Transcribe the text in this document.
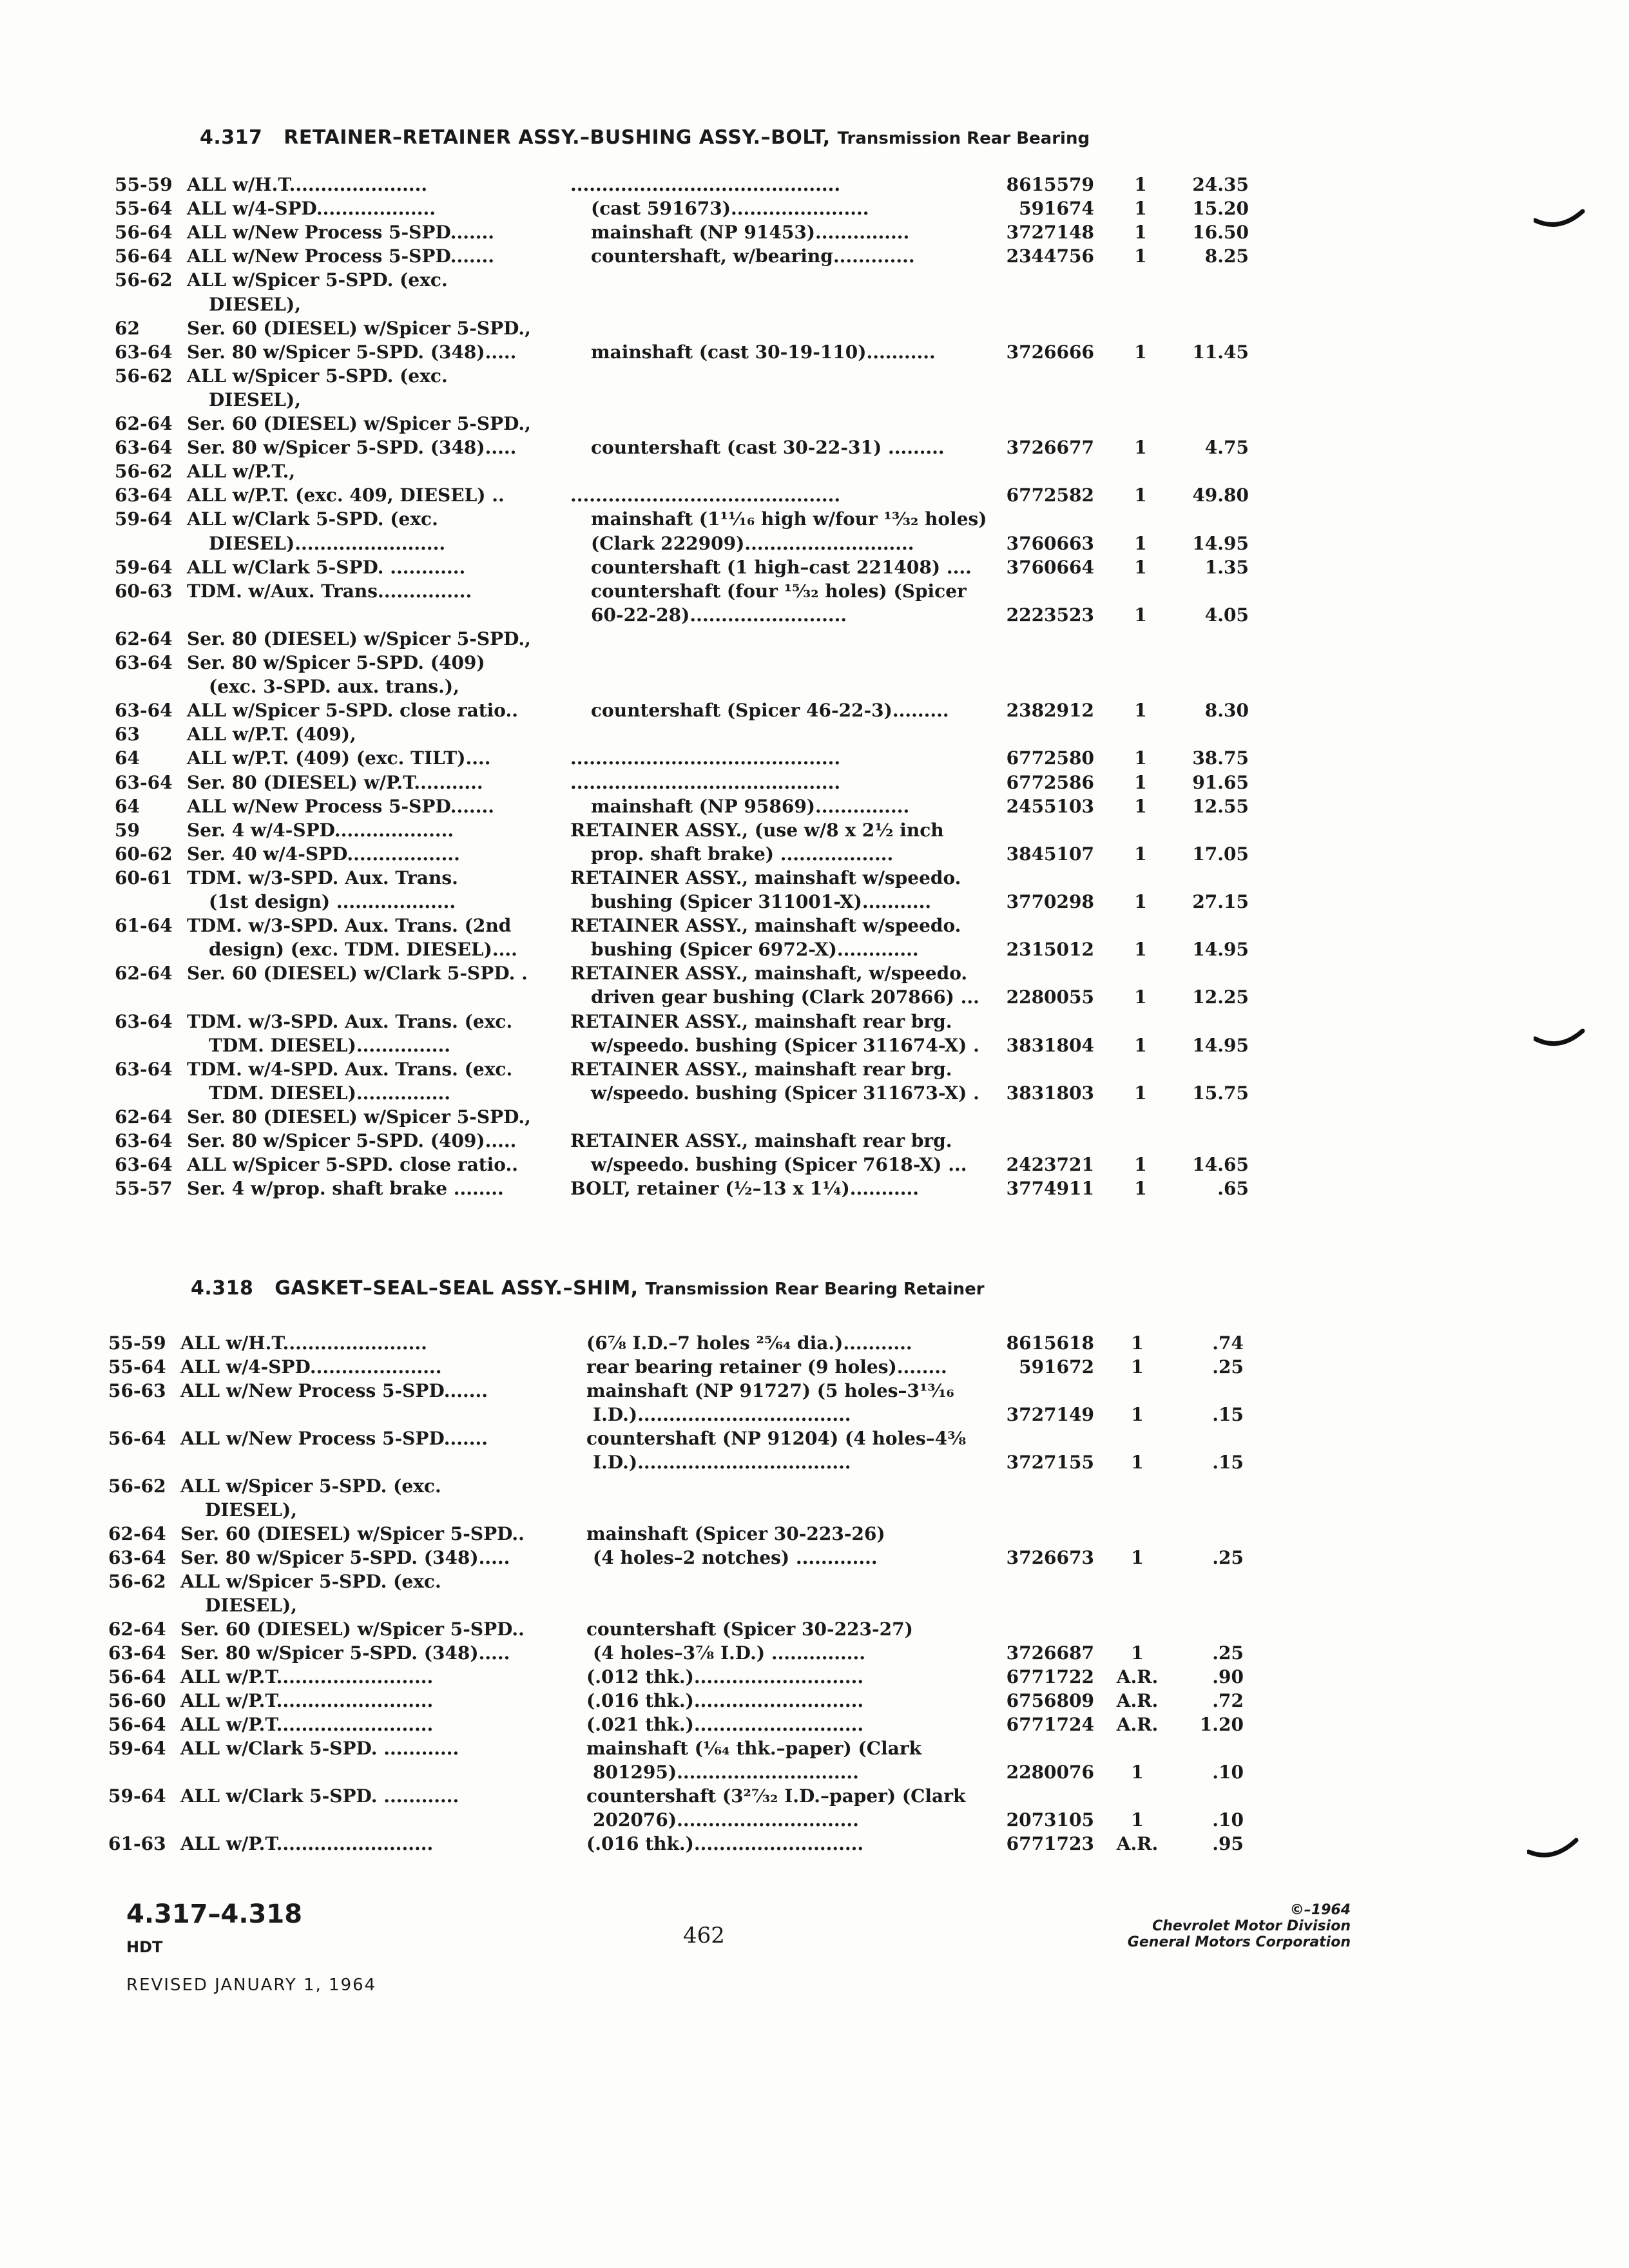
4.317 RETAINER–RETAINER ASSY.–BUSHING ASSY.–BOLT, Transmission Rear Bearing
55-59 ALL w/H.T......................	...........................................	8615579	1	24.35
55-64 ALL w/4-SPD...................	(cast 591673)......................	591674	1	15.20
56-64 ALL w/New Process 5-SPD.......	mainshaft (NP 91453)...............	3727148	1	16.50
56-64 ALL w/New Process 5-SPD.......	countershaft, w/bearing.............	2344756	1	8.25
56-62 ALL w/Spicer 5-SPD. (exc.
DIESEL),
62	Ser. 60 (DIESEL) w/Spicer 5-SPD.,
63-64 Ser. 80 w/Spicer 5-SPD. (348).....	mainshaft (cast 30-19-110)...........	3726666	1	11.45
56-62 ALL w/Spicer 5-SPD. (exc.
DIESEL),
62-64 Ser. 60 (DIESEL) w/Spicer 5-SPD.,
63-64 Ser. 80 w/Spicer 5-SPD. (348).....	countershaft (cast 30-22-31) .........	3726677	1	4.75
56-62 ALL w/P.T.,
63-64 ALL w/P.T. (exc. 409, DIESEL) ..	...........................................	6772582	1	49.80
59-64 ALL w/Clark 5-SPD. (exc.	mainshaft (1¹¹⁄₁₆ high w/four ¹³⁄₃₂ holes)
DIESEL)........................	(Clark 222909)...........................	3760663	1	14.95
59-64 ALL w/Clark 5-SPD. ............	countershaft (1 high–cast 221408) ....	3760664	1	1.35
60-63 TDM. w/Aux. Trans...............	countershaft (four ¹⁵⁄₃₂ holes) (Spicer
60-22-28).........................	2223523	1	4.05
62-64 Ser. 80 (DIESEL) w/Spicer 5-SPD.,
63-64 Ser. 80 w/Spicer 5-SPD. (409)
(exc. 3-SPD. aux. trans.),
63-64 ALL w/Spicer 5-SPD. close ratio..	countershaft (Spicer 46-22-3).........	2382912	1	8.30
63	ALL w/P.T. (409),
64	ALL w/P.T. (409) (exc. TILT)....	...........................................	6772580	1	38.75
63-64 Ser. 80 (DIESEL) w/P.T...........	...........................................	6772586	1	91.65
64	ALL w/New Process 5-SPD.......	mainshaft (NP 95869)...............	2455103	1	12.55
59	Ser. 4 w/4-SPD...................	RETAINER ASSY., (use w/8 x 2½ inch
60-62 Ser. 40 w/4-SPD..................	prop. shaft brake) ..................	3845107	1	17.05
60-61 TDM. w/3-SPD. Aux. Trans.	RETAINER ASSY., mainshaft w/speedo.
(1st design) ...................	bushing (Spicer 311001-X)...........	3770298	1	27.15
61-64 TDM. w/3-SPD. Aux. Trans. (2nd	RETAINER ASSY., mainshaft w/speedo.
design) (exc. TDM. DIESEL)....	bushing (Spicer 6972-X).............	2315012	1	14.95
62-64 Ser. 60 (DIESEL) w/Clark 5-SPD. . RETAINER ASSY., mainshaft, w/speedo.
driven gear bushing (Clark 207866) ...	2280055	1	12.25
63-64 TDM. w/3-SPD. Aux. Trans. (exc.	RETAINER ASSY., mainshaft rear brg.
TDM. DIESEL)...............	w/speedo. bushing (Spicer 311674-X) .	3831804	1	14.95
63-64 TDM. w/4-SPD. Aux. Trans. (exc.	RETAINER ASSY., mainshaft rear brg.
TDM. DIESEL)...............	w/speedo. bushing (Spicer 311673-X) .	3831803	1	15.75
62-64 Ser. 80 (DIESEL) w/Spicer 5-SPD.,
63-64 Ser. 80 w/Spicer 5-SPD. (409).....	RETAINER ASSY., mainshaft rear brg.
63-64 ALL w/Spicer 5-SPD. close ratio..	w/speedo. bushing (Spicer 7618-X) ...	2423721	1	14.65
55-57 Ser. 4 w/prop. shaft brake ........	BOLT, retainer (½–13 x 1¼)...........	3774911	1	.65
4.318 GASKET–SEAL–SEAL ASSY.–SHIM, Transmission Rear Bearing Retainer
55-59 ALL w/H.T.......................	(6⅞ I.D.–7 holes ²⁵⁄₆₄ dia.)...........	8615618	1	.74
55-64 ALL w/4-SPD.....................	rear bearing retainer (9 holes)........	591672	1	.25
56-63 ALL w/New Process 5-SPD.......	mainshaft (NP 91727) (5 holes–3¹³⁄₁₆
I.D.)..................................	3727149	1	.15
56-64 ALL w/New Process 5-SPD.......	countershaft (NP 91204) (4 holes–4⅜
I.D.)..................................	3727155	1	.15
56-62 ALL w/Spicer 5-SPD. (exc.
DIESEL),
62-64 Ser. 60 (DIESEL) w/Spicer 5-SPD..	mainshaft (Spicer 30-223-26)
63-64 Ser. 80 w/Spicer 5-SPD. (348).....	(4 holes–2 notches) .............	3726673	1	.25
56-62 ALL w/Spicer 5-SPD. (exc.
DIESEL),
62-64 Ser. 60 (DIESEL) w/Spicer 5-SPD..	countershaft (Spicer 30-223-27)
63-64 Ser. 80 w/Spicer 5-SPD. (348).....	(4 holes–3⅞ I.D.) ...............	3726687	1	.25
56-64 ALL w/P.T.........................	(.012 thk.)...........................	6771722	A.R.	.90
56-60 ALL w/P.T.........................	(.016 thk.)...........................	6756809	A.R.	.72
56-64 ALL w/P.T.........................	(.021 thk.)...........................	6771724	A.R.	1.20
59-64 ALL w/Clark 5-SPD. ............	mainshaft (¹⁄₆₄ thk.–paper) (Clark
801295).............................	2280076	1	.10
59-64 ALL w/Clark 5-SPD. ............	countershaft (3²⁷⁄₃₂ I.D.–paper) (Clark
202076).............................	2073105	1	.10
61-63 ALL w/P.T.........................	(.016 thk.)...........................	6771723	A.R.	.95
4.317–4.318
HDT
REVISED JANUARY 1, 1964
462
©–1964
Chevrolet Motor Division
General Motors Corporation
